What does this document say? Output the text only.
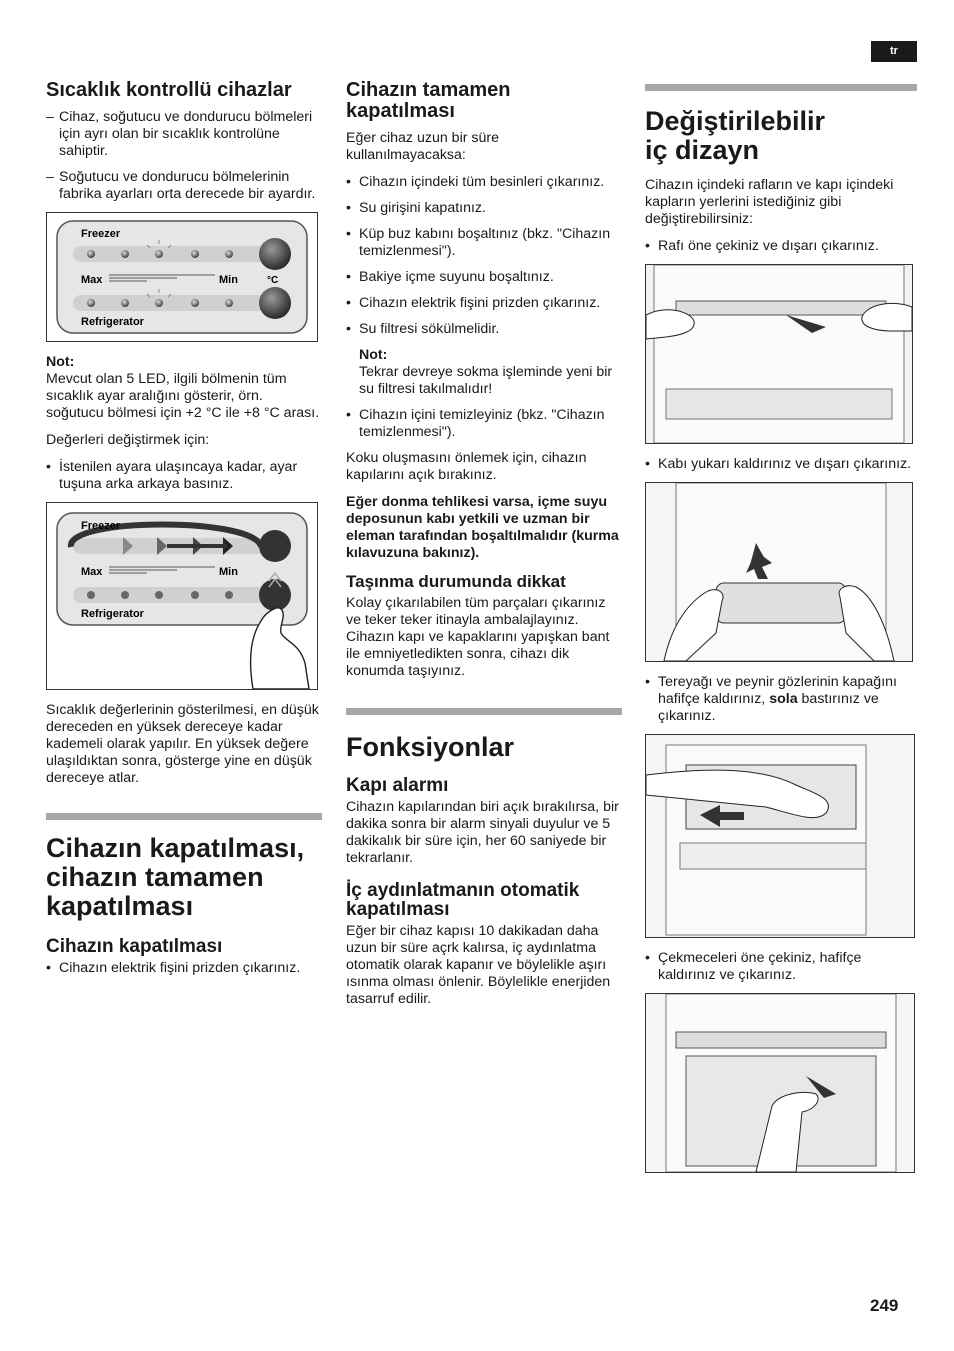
tr
Sıcaklık kontrollü cihazlar
– Cihaz, soğutucu ve dondurucu bölmeleri için ayrı olan bir sıcaklık kontrolüne sahiptir.
– Soğutucu ve dondurucu bölmelerinin fabrika ayarları orta derecede bir ayardır.
Freezer
Max	Min	°C
Refrigerator
Not:

Mevcut olan 5 LED, ilgili bölmenin tüm sıcaklık ayar aralığını gösterir, örn. soğutucu bölmesi için +2 °C ile +8 °C arası.

Değerleri değiştirmek için:

• İstenilen ayara ulaşıncaya kadar, ayar tuşuna arka arkaya basınız.
Freezer
Max	Min
Refrigerator

Sıcaklık değerlerinin gösterilmesi, en düşük dereceden en yüksek dereceye kadar kademeli olarak yapılır. En yüksek değere ulaşıldıktan sonra, gösterge yine en düşük dereceye atlar.

Cihazın kapatılması, cihazın tamamen kapatılması
Cihazın kapatılması
• Cihazın elektrik fişini prizden çıkarınız.
Cihazın tamamen kapatılması

Eğer cihaz uzun bir süre kullanılmayacaksa:

• Cihazın içindeki tüm besinleri çıkarınız.
• Su girişini kapatınız.
• Küp buz kabını boşaltınız (bkz. "Cihazın temizlenmesi").
• Bakiye içme suyunu boşaltınız.
• Cihazın elektrik fişini prizden çıkarınız.
• Su filtresi sökülmelidir.
Not:
Tekrar devreye sokma işleminde yeni bir su filtresi takılmalıdır!
• Cihazın içini temizleyiniz (bkz. "Cihazın temizlenmesi").

Koku oluşmasını önlemek için, cihazın kapılarını açık bırakınız.

Eğer donma tehlikesi varsa, içme suyu deposunun kabı yetkili ve uzman bir eleman tarafından boşaltılmalıdır (kurma kılavuzuna bakınız).

Taşınma durumunda dikkat

Kolay çıkarılabilen tüm parçaları çıkarınız ve teker teker itinayla ambalajlayınız. Cihazın kapı ve kapaklarını yapışkan bant ile emniyetledikten sonra, cihazı dik konumda taşıyınız.

Fonksiyonlar
Kapı alarmı

Cihazın kapılarından biri açık bırakılırsa, bir dakika sonra bir alarm sinyali duyulur ve 5 dakikalık bir süre için, her 60 saniyede bir tekrarlanır.

İç aydınlatmanın otomatik kapatılması

Eğer bir cihaz kapısı 10 dakikadan daha uzun bir süre açrk kalırsa, iç aydınlatma otomatik olarak kapanır ve böylelikle aşırı ısınma olması önlenir. Böylelikle enerjiden tasarruf edilir.

Değiştirilebilir iç dizayn

Cihazın içindeki rafların ve kapı içindeki kapların yerlerini istediğiniz gibi değiştirebilirsiniz:

• Rafı öne çekiniz ve dışarı çıkarınız.
• Kabı yukarı kaldırınız ve dışarı çıkarınız.
• Tereyağı ve peynir gözlerinin kapağını hafifçe kaldırınız, sola bastırınız ve çıkarınız.
• Çekmeceleri öne çekiniz, hafifçe kaldırınız ve çıkarınız.
249
